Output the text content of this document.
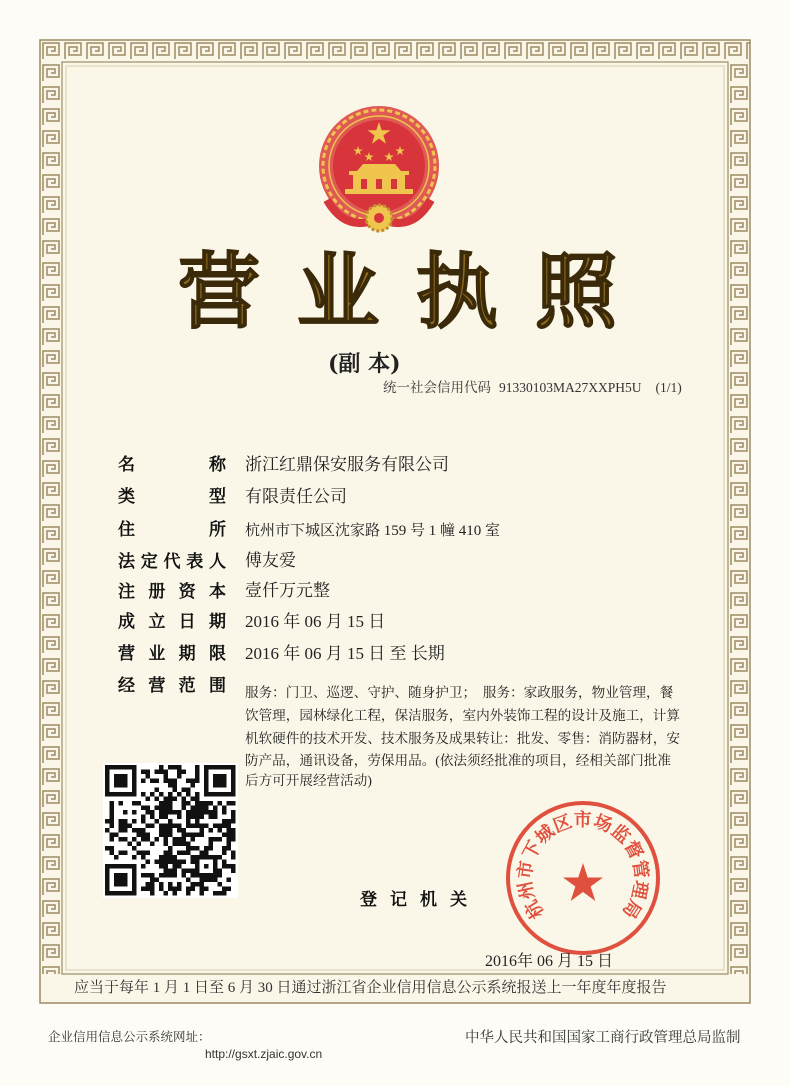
营业执照
(副 本)
统一社会信用代码 91330103MA27XXPH5U (1/1)
名	称 浙江红鼎保安服务有限公司
类	型 有限责任公司
住	所 杭州市下城区沈家路 159 号 1 幢 410 室
法 定 代 表 人 傅友爱
注 册 资 本 壹仟万元整
成 立 日 期 2016 年 06 月 15 日
营 业 期 限 2016 年 06 月 15 日 至 长期
经 营 范 围 服务：门卫、巡逻、守护、随身护卫；　服务：家政服务，物业管理，餐
饮管理，园林绿化工程，保洁服务，室内外装饰工程的设计及施工，计算
机软硬件的技术开发、技术服务及成果转让：批发、零售：消防器材，安
防产品，通讯设备，劳保用品。(依法须经批准的项目，经相关部门批准
后方可开展经营活动)
登记机关	杭州市下城区市场监督管理局
2016年 06 月 15 日
应当于每年 1 月 1 日至 6 月 30 日通过浙江省企业信用信息公示系统报送上一年度年度报告
企业信用信息公示系统网址：
http://gsxt.zjaic.gov.cn
中华人民共和国国家工商行政管理总局监制
